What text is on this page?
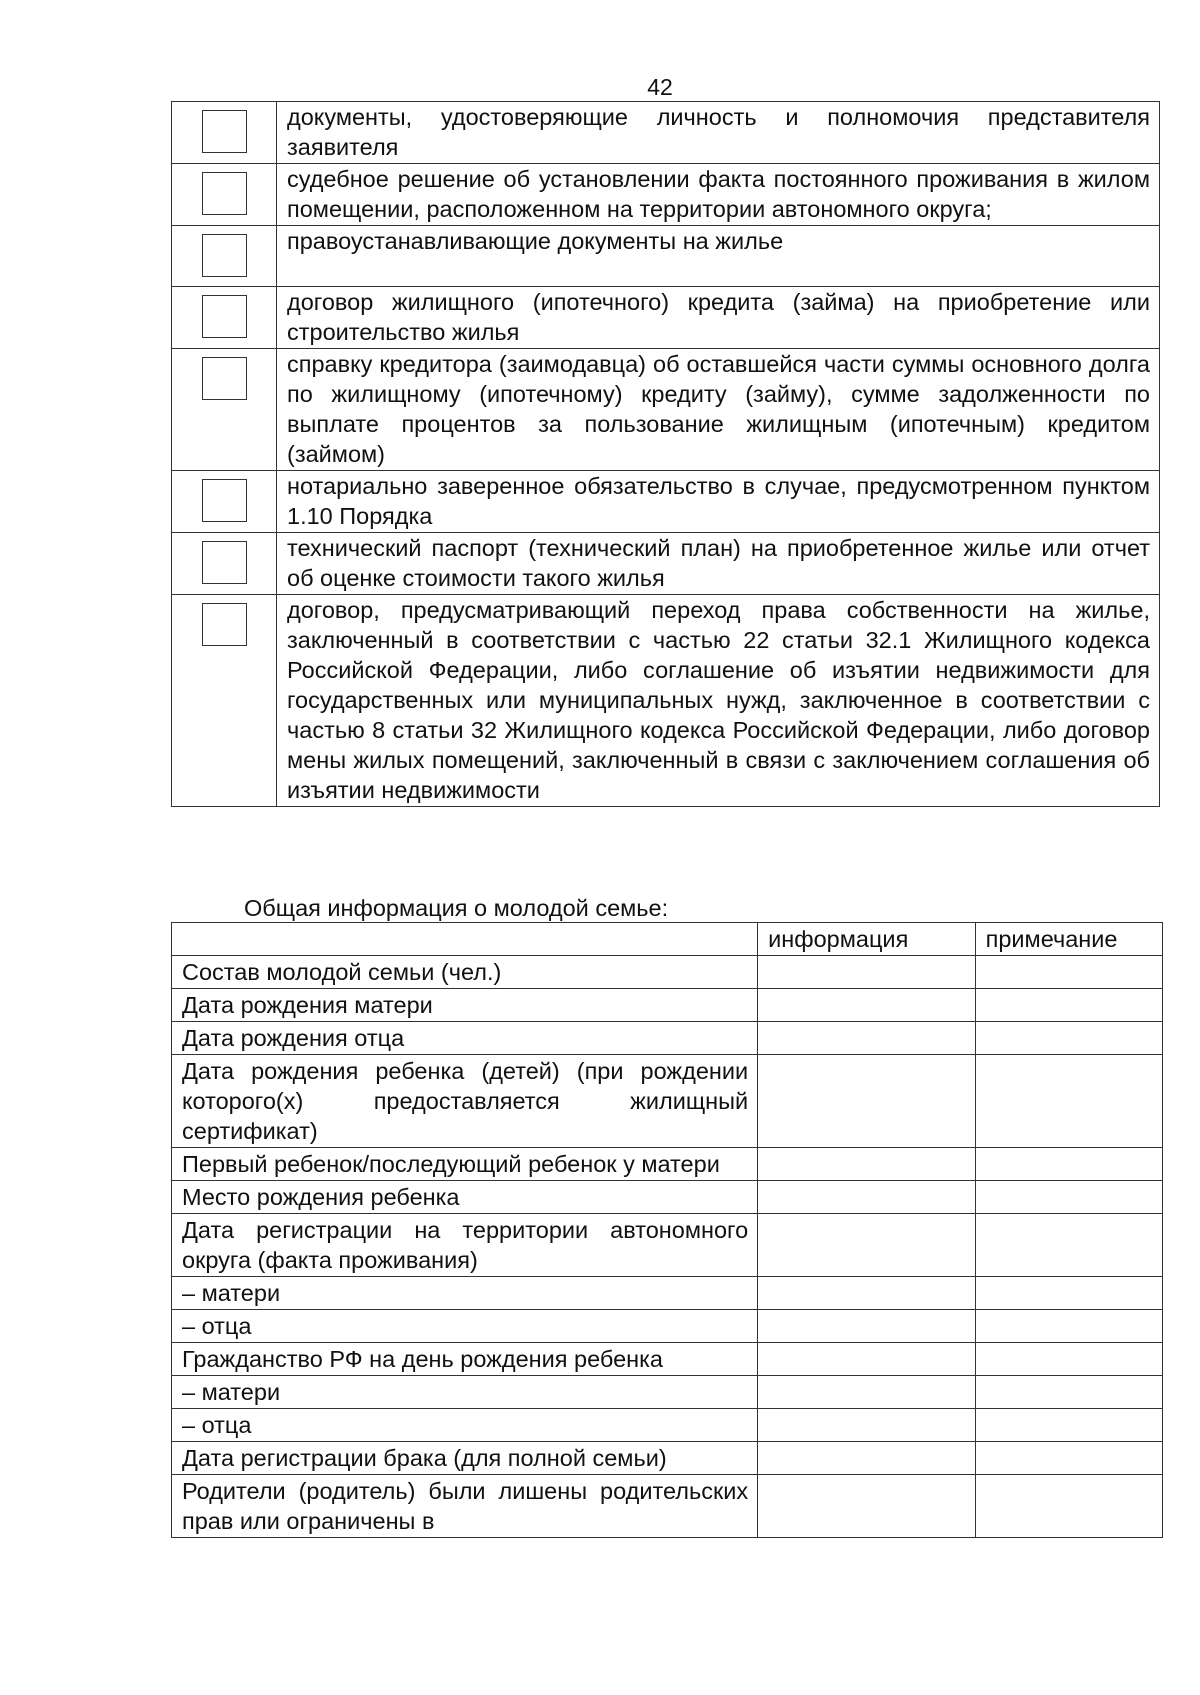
42
	документы, удостоверяющие личность и полномочия представителя заявителя

	судебное решение об установлении факта постоянного проживания в жилом помещении, расположенном на территории автономного округа;

	правоустанавливающие документы на жилье

	договор жилищного (ипотечного) кредита (займа) на приобретение или строительство жилья

	справку кредитора (заимодавца) об оставшейся части суммы основного долга по жилищному (ипотечному) кредиту (займу), сумме задолженности по выплате процентов за пользование жилищным (ипотечным) кредитом (займом)

	нотариально заверенное обязательство в случае, предусмотренном пунктом 1.10 Порядка

	технический паспорт (технический план) на приобретенное жилье или отчет об оценке стоимости такого жилья

	договор, предусматривающий переход права собственности на жилье, заключенный в соответствии с частью 22 статьи 32.1 Жилищного кодекса Российской Федерации, либо соглашение об изъятии недвижимости для государственных или муниципальных нужд, заключенное в соответствии с частью 8 статьи 32 Жилищного кодекса Российской Федерации, либо договор мены жилых помещений, заключенный в связи с заключением соглашения об изъятии недвижимости
Общая информация о молодой семье:
	информация	примечание
Состав молодой семьи (чел.)		
Дата рождения матери		
Дата рождения отца		
Дата рождения ребенка (детей) (при рождении которого(х) предоставляется жилищный сертификат)		
Первый ребенок/последующий ребенок у матери		
Место рождения ребенка		
Дата регистрации на территории автономного округа (факта проживания)		
– матери		
– отца		
Гражданство РФ на день рождения ребенка		
– матери		
– отца		
Дата регистрации брака (для полной семьи)		
Родители (родитель) были лишены родительских прав или ограничены в		
